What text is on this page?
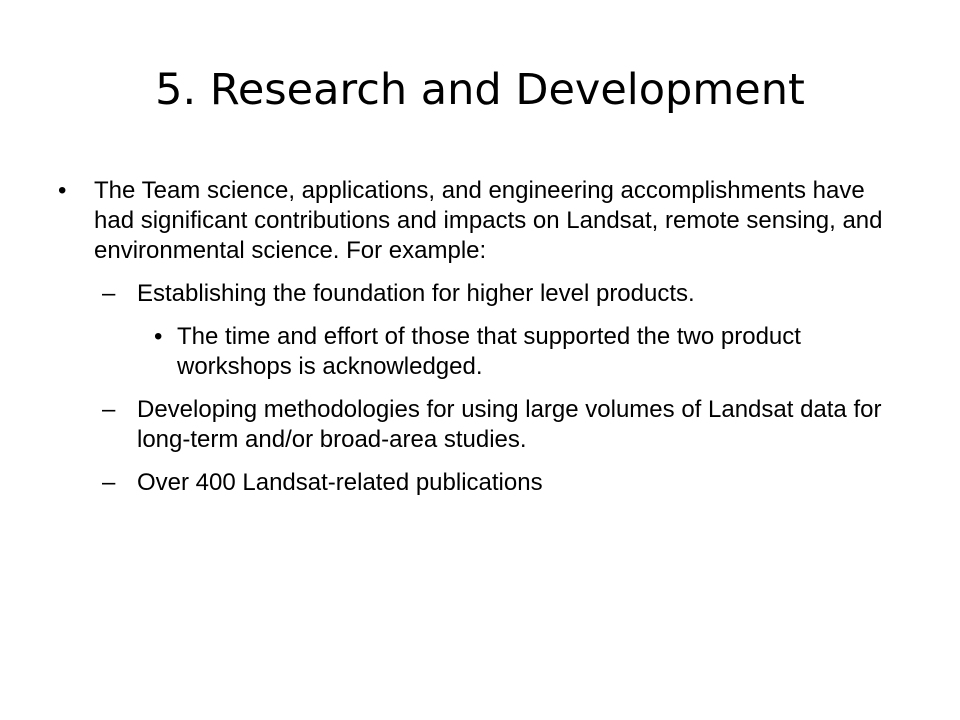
5. Research and Development
•	The Team science, applications, and engineering accomplishments have had significant contributions and impacts on Landsat, remote sensing, and environmental science. For example:
– Establishing the foundation for higher level products.
• The time and effort of those that supported the two product workshops is acknowledged.
– Developing methodologies for using large volumes of Landsat data for long-term and/or broad-area studies.
– Over 400 Landsat-related publications
